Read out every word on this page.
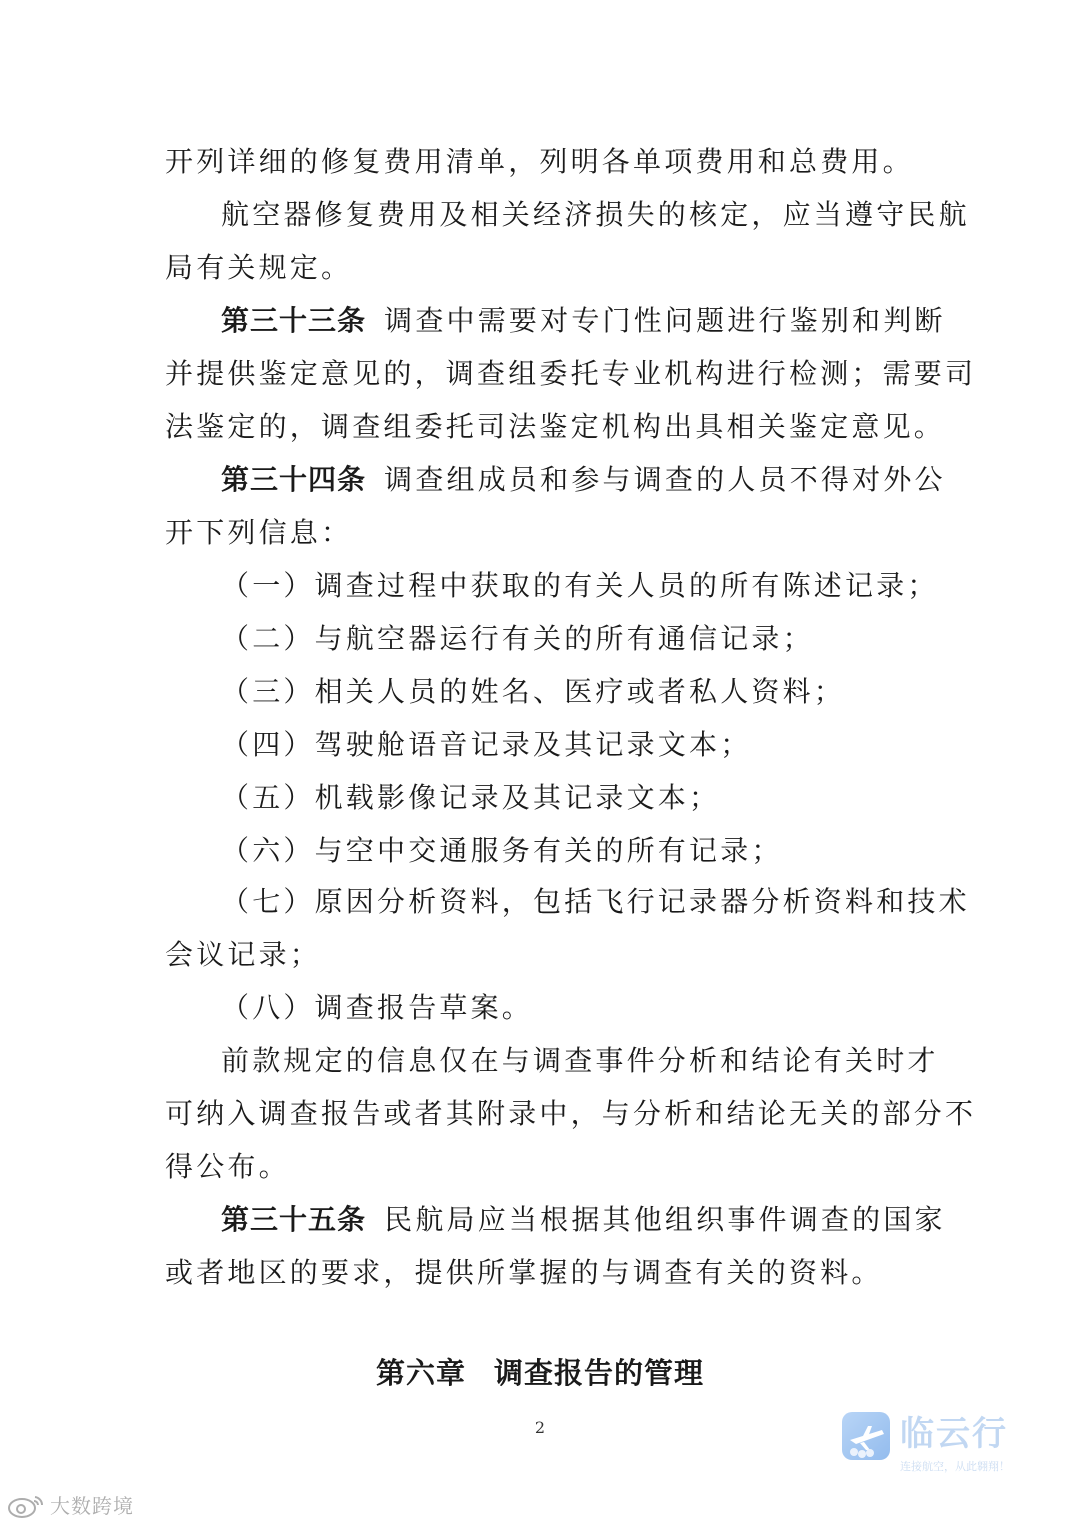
开列详细的修复费用清单，列明各单项费用和总费用。
航空器修复费用及相关经济损失的核定，应当遵守民航
局有关规定。
第三十三条 调查中需要对专门性问题进行鉴别和判断
并提供鉴定意见的，调查组委托专业机构进行检测；需要司
法鉴定的，调查组委托司法鉴定机构出具相关鉴定意见。
第三十四条 调查组成员和参与调查的人员不得对外公
开下列信息：
（一）调查过程中获取的有关人员的所有陈述记录；
（二）与航空器运行有关的所有通信记录；
（三）相关人员的姓名、医疗或者私人资料；
（四）驾驶舱语音记录及其记录文本；
（五）机载影像记录及其记录文本；
（六）与空中交通服务有关的所有记录；
（七）原因分析资料，包括飞行记录器分析资料和技术
会议记录；
（八）调查报告草案。
前款规定的信息仅在与调查事件分析和结论有关时才
可纳入调查报告或者其附录中，与分析和结论无关的部分不
得公布。
第三十五条 民航局应当根据其他组织事件调查的国家
或者地区的要求，提供所掌握的与调查有关的资料。
第六章 调查报告的管理
2	临云行
连接航空，从此翱翔！
大数跨境
